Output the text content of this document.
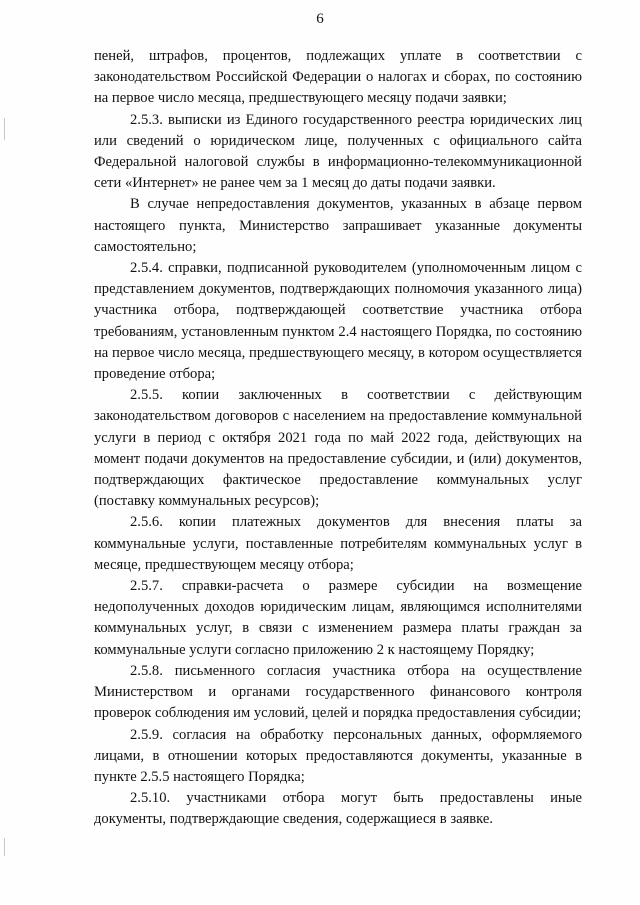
6

пеней, штрафов, процентов, подлежащих уплате в соответствии с законодательством Российской Федерации о налогах и сборах, по состоянию на первое число месяца, предшествующего месяцу подачи заявки;

2.5.3. выписки из Единого государственного реестра юридических лиц или сведений о юридическом лице, полученных с официального сайта Федеральной налоговой службы в информационно-телекоммуникационной сети «Интернет» не ранее чем за 1 месяц до даты подачи заявки.

В случае непредоставления документов, указанных в абзаце первом настоящего пункта, Министерство запрашивает указанные документы самостоятельно;

2.5.4. справки, подписанной руководителем (уполномоченным лицом с представлением документов, подтверждающих полномочия указанного лица) участника отбора, подтверждающей соответствие участника отбора требованиям, установленным пунктом 2.4 настоящего Порядка, по состоянию на первое число месяца, предшествующего месяцу, в котором осуществляется проведение отбора;

2.5.5. копии заключенных в соответствии с действующим законодательством договоров с населением на предоставление коммунальной услуги в период с октября 2021 года по май 2022 года, действующих на момент подачи документов на предоставление субсидии, и (или) документов, подтверждающих фактическое предоставление коммунальных услуг (поставку коммунальных ресурсов);

2.5.6. копии платежных документов для внесения платы за коммунальные услуги, поставленные потребителям коммунальных услуг в месяце, предшествующем месяцу отбора;

2.5.7. справки-расчета о размере субсидии на возмещение недополученных доходов юридическим лицам, являющимся исполнителями коммунальных услуг, в связи с изменением размера платы граждан за коммунальные услуги согласно приложению 2 к настоящему Порядку;

2.5.8. письменного согласия участника отбора на осуществление Министерством и органами государственного финансового контроля проверок соблюдения им условий, целей и порядка предоставления субсидии;

2.5.9. согласия на обработку персональных данных, оформляемого лицами, в отношении которых предоставляются документы, указанные в пункте 2.5.5 настоящего Порядка;

2.5.10. участниками отбора могут быть предоставлены иные документы, подтверждающие сведения, содержащиеся в заявке.
